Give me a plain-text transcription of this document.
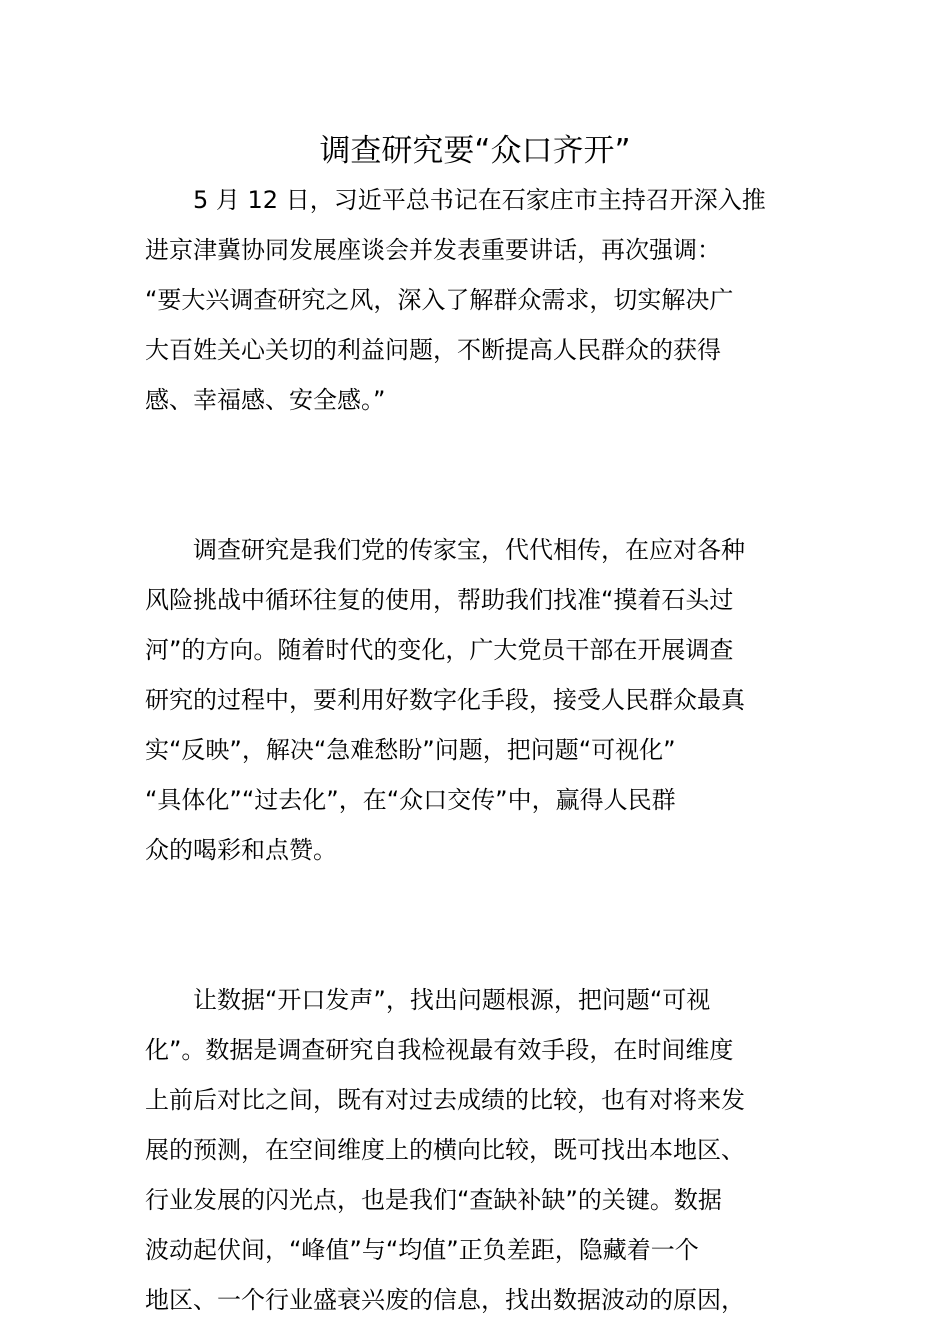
调查研究要“众口齐开”
　　5 月 12 日，习近平总书记在石家庄市主持召开深入推
进京津冀协同发展座谈会并发表重要讲话，再次强调：
“要大兴调查研究之风，深入了解群众需求，切实解决广
大百姓关心关切的利益问题，不断提高人民群众的获得
感、幸福感、安全感。”
　　调查研究是我们党的传家宝，代代相传，在应对各种
风险挑战中循环往复的使用，帮助我们找准“摸着石头过
河”的方向。随着时代的变化，广大党员干部在开展调查
研究的过程中，要利用好数字化手段，接受人民群众最真
实“反映”，解决“急难愁盼”问题，把问题“可视化”
“具体化”“过去化”，在“众口交传”中，赢得人民群
众的喝彩和点赞。
　　让数据“开口发声”，找出问题根源，把问题“可视
化”。数据是调查研究自我检视最有效手段，在时间维度
上前后对比之间，既有对过去成绩的比较，也有对将来发
展的预测，在空间维度上的横向比较，既可找出本地区、
行业发展的闪光点，也是我们“查缺补缺”的关键。数据
波动起伏间，“峰值”与“均值”正负差距，隐藏着一个
地区、一个行业盛衰兴废的信息，找出数据波动的原因，
